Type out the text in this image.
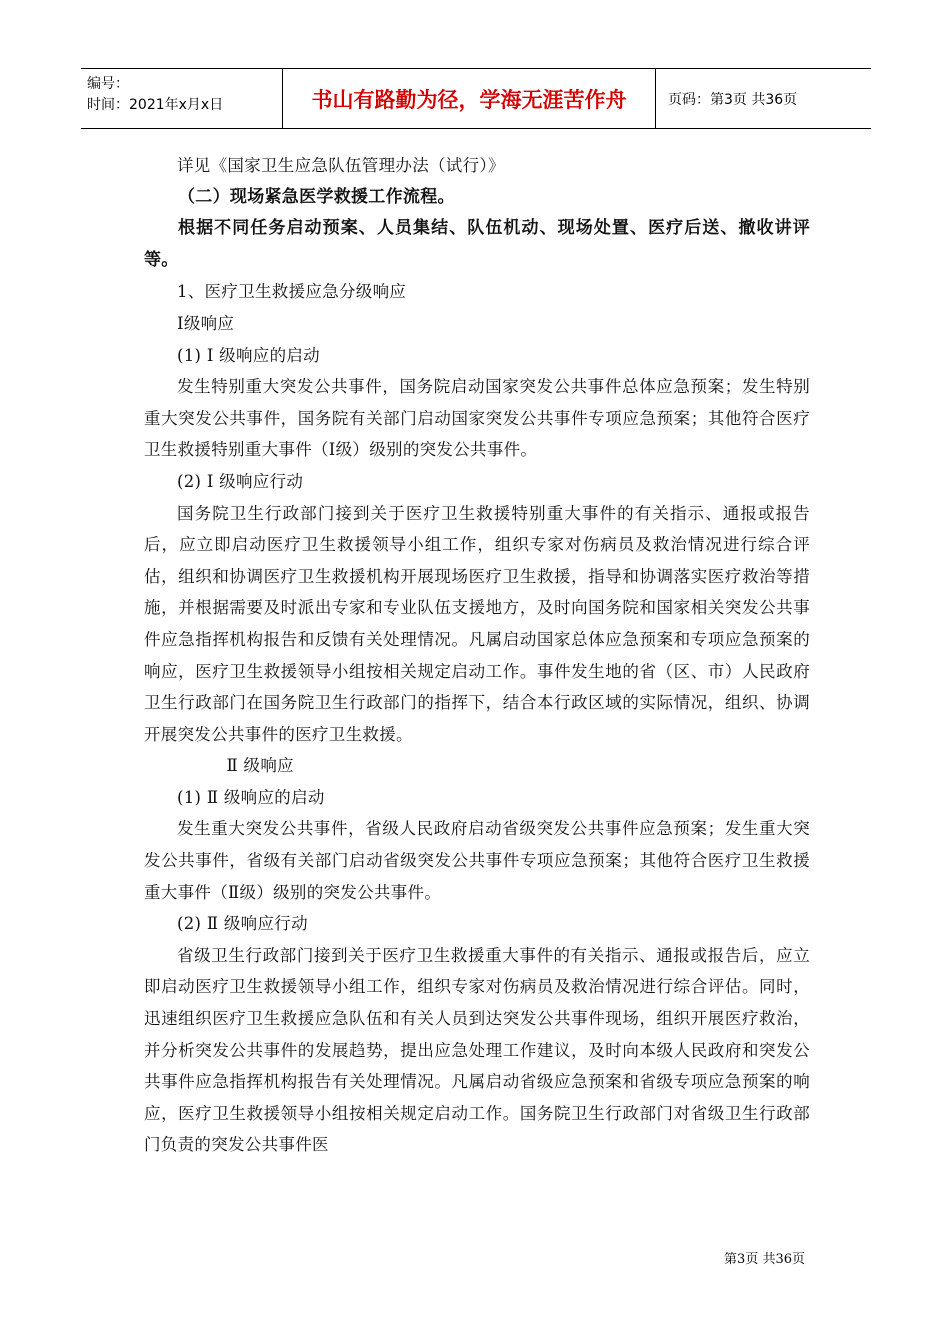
编号：
时间：2021年x月x日	书山有路勤为径，学海无涯苦作舟	页码：第3页 共36页

详见《国家卫生应急队伍管理办法（试行）》

（二）现场紧急医学救援工作流程。

根据不同任务启动预案、人员集结、队伍机动、现场处置、医疗后送、撤收讲评等。

1、医疗卫生救援应急分级响应

Ⅰ级响应

(1) Ⅰ 级响应的启动

发生特别重大突发公共事件，国务院启动国家突发公共事件总体应急预案；发生特别重大突发公共事件，国务院有关部门启动国家突发公共事件专项应急预案；其他符合医疗卫生救援特别重大事件（Ⅰ级）级别的突发公共事件。

(2) Ⅰ 级响应行动

国务院卫生行政部门接到关于医疗卫生救援特别重大事件的有关指示、通报或报告后，应立即启动医疗卫生救援领导小组工作，组织专家对伤病员及救治情况进行综合评估，组织和协调医疗卫生救援机构开展现场医疗卫生救援，指导和协调落实医疗救治等措施，并根据需要及时派出专家和专业队伍支援地方，及时向国务院和国家相关突发公共事件应急指挥机构报告和反馈有关处理情况。凡属启动国家总体应急预案和专项应急预案的响应，医疗卫生救援领导小组按相关规定启动工作。事件发生地的省（区、市）人民政府卫生行政部门在国务院卫生行政部门的指挥下，结合本行政区域的实际情况，组织、协调开展突发公共事件的医疗卫生救援。

Ⅱ 级响应

(1) Ⅱ 级响应的启动

发生重大突发公共事件，省级人民政府启动省级突发公共事件应急预案；发生重大突发公共事件，省级有关部门启动省级突发公共事件专项应急预案；其他符合医疗卫生救援重大事件（Ⅱ级）级别的突发公共事件。

(2) Ⅱ 级响应行动

省级卫生行政部门接到关于医疗卫生救援重大事件的有关指示、通报或报告后，应立即启动医疗卫生救援领导小组工作，组织专家对伤病员及救治情况进行综合评估。同时，迅速组织医疗卫生救援应急队伍和有关人员到达突发公共事件现场，组织开展医疗救治，并分析突发公共事件的发展趋势，提出应急处理工作建议，及时向本级人民政府和突发公共事件应急指挥机构报告有关处理情况。凡属启动省级应急预案和省级专项应急预案的响应，医疗卫生救援领导小组按相关规定启动工作。国务院卫生行政部门对省级卫生行政部门负责的突发公共事件医

第3页 共36页
